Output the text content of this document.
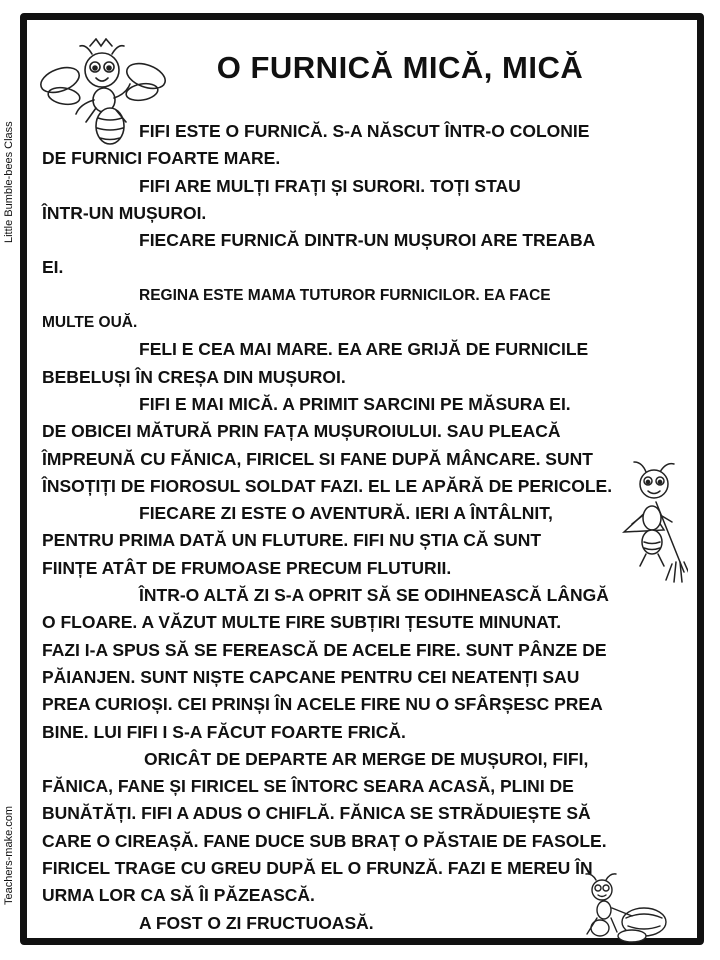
Little Bumble-bees Class
Teachers-make.com
O FURNICĂ MICĂ, MICĂ
FIFI ESTE O FURNICĂ. S-A NĂSCUT ÎNTR-O COLONIE
DE FURNICI FOARTE MARE.
FIFI ARE MULȚI FRAȚI ȘI SURORI. TOȚI STAU
ÎNTR-UN MUȘUROI.
FIECARE FURNICĂ DINTR-UN MUȘUROI ARE TREABA
EI.
REGINA ESTE MAMA TUTUROR FURNICILOR. EA FACE
MULTE OUĂ.
FELI E CEA MAI MARE. EA ARE GRIJĂ DE FURNICILE
BEBELUȘI ÎN CREȘA DIN MUȘUROI.
FIFI E MAI MICĂ. A PRIMIT SARCINI PE MĂSURA EI.
DE OBICEI MĂTURĂ PRIN FAȚA MUȘUROIULUI. SAU PLEACĂ
ÎMPREUNĂ CU FĂNICA, FIRICEL SI FANE DUPĂ MÂNCARE. SUNT
ÎNSOȚIȚI DE FIOROSUL SOLDAT FAZI. EL LE APĂRĂ DE PERICOLE.
FIECARE ZI ESTE O AVENTURĂ. IERI A ÎNTÂLNIT,
PENTRU PRIMA DATĂ UN FLUTURE. FIFI NU ȘTIA CĂ SUNT
FIINȚE ATÂT DE FRUMOASE PRECUM FLUTURII.
ÎNTR-O ALTĂ ZI S-A OPRIT SĂ SE ODIHNEASCĂ LÂNGĂ
O FLOARE. A VĂZUT MULTE FIRE SUBȚIRI ȚESUTE MINUNAT.
FAZI I-A SPUS SĂ SE FEREASCĂ DE ACELE FIRE. SUNT PÂNZE DE
PĂIANJEN. SUNT NIȘTE CAPCANE PENTRU CEI NEATENȚI SAU
PREA CURIOȘI. CEI PRINȘI ÎN ACELE FIRE NU O SFÂRȘESC PREA
BINE. LUI FIFI I S-A FĂCUT FOARTE FRICĂ.
ORICÂT DE DEPARTE AR MERGE DE MUȘUROI, FIFI,
FĂNICA, FANE ȘI FIRICEL SE ÎNTORC SEARA ACASĂ, PLINI DE
BUNĂTĂȚI. FIFI A ADUS O CHIFLĂ. FĂNICA SE STRĂDUIEȘTE SĂ
CARE O CIREAȘĂ. FANE DUCE SUB BRAȚ O PĂSTAIE DE FASOLE.
FIRICEL TRAGE CU GREU DUPĂ EL O FRUNZĂ. FAZI E MEREU ÎN
URMA LOR CA SĂ ÎI PĂZEASCĂ.
A FOST O ZI FRUCTUOASĂ.
